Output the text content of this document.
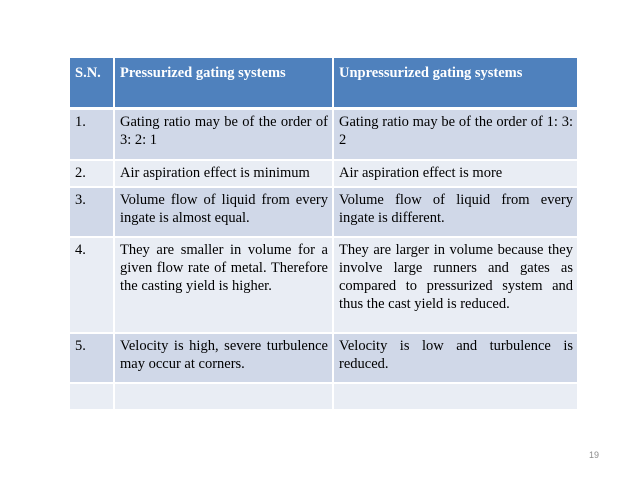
S.N.	Pressurized gating systems	Unpressurized gating systems
1.	Gating ratio may be of the order of 3: 2: 1	Gating ratio may be of the order of 1: 3: 2
2.	Air aspiration effect is minimum	Air aspiration effect is more
3.	Volume flow of liquid from every ingate is almost equal.	Volume flow of liquid from every ingate is different.
4.	They are smaller in volume for a given flow rate of metal. Therefore the casting yield is higher.	They are larger in volume because they involve large runners and gates as compared to pressurized system and thus the cast yield is reduced.
5.	Velocity is high, severe turbulence may occur at corners.	Velocity is low and turbulence is reduced.

19
